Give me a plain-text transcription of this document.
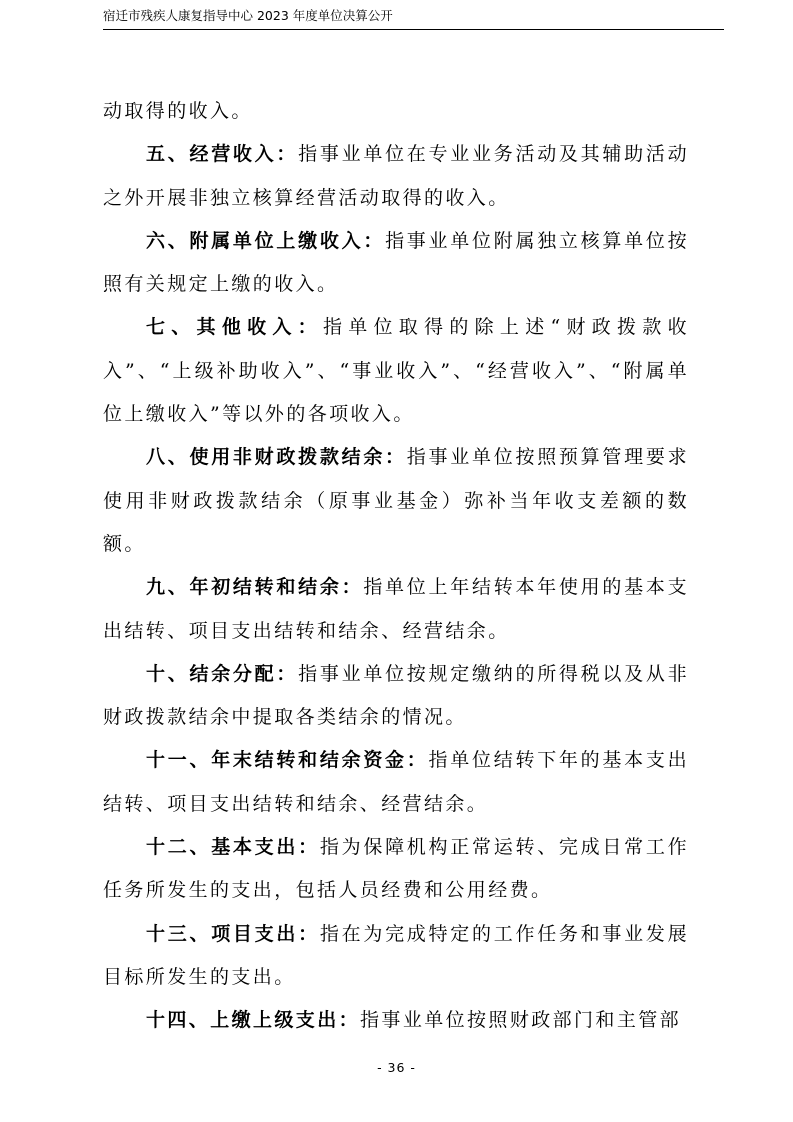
宿迁市残疾人康复指导中心 2023 年度单位决算公开

动取得的收入。

五、经营收入：指事业单位在专业业务活动及其辅助活动之外开展非独立核算经营活动取得的收入。

六、附属单位上缴收入：指事业单位附属独立核算单位按照有关规定上缴的收入。

七、其他收入：指单位取得的除上述“财政拨款收入”、“上级补助收入”、“事业收入”、“经营收入”、“附属单位上缴收入”等以外的各项收入。

八、使用非财政拨款结余：指事业单位按照预算管理要求使用非财政拨款结余（原事业基金）弥补当年收支差额的数额。

九、年初结转和结余：指单位上年结转本年使用的基本支出结转、项目支出结转和结余、经营结余。

十、结余分配：指事业单位按规定缴纳的所得税以及从非财政拨款结余中提取各类结余的情况。

十一、年末结转和结余资金：指单位结转下年的基本支出结转、项目支出结转和结余、经营结余。

十二、基本支出：指为保障机构正常运转、完成日常工作任务所发生的支出，包括人员经费和公用经费。

十三、项目支出：指在为完成特定的工作任务和事业发展目标所发生的支出。

十四、上缴上级支出：指事业单位按照财政部门和主管部

- 36 -
